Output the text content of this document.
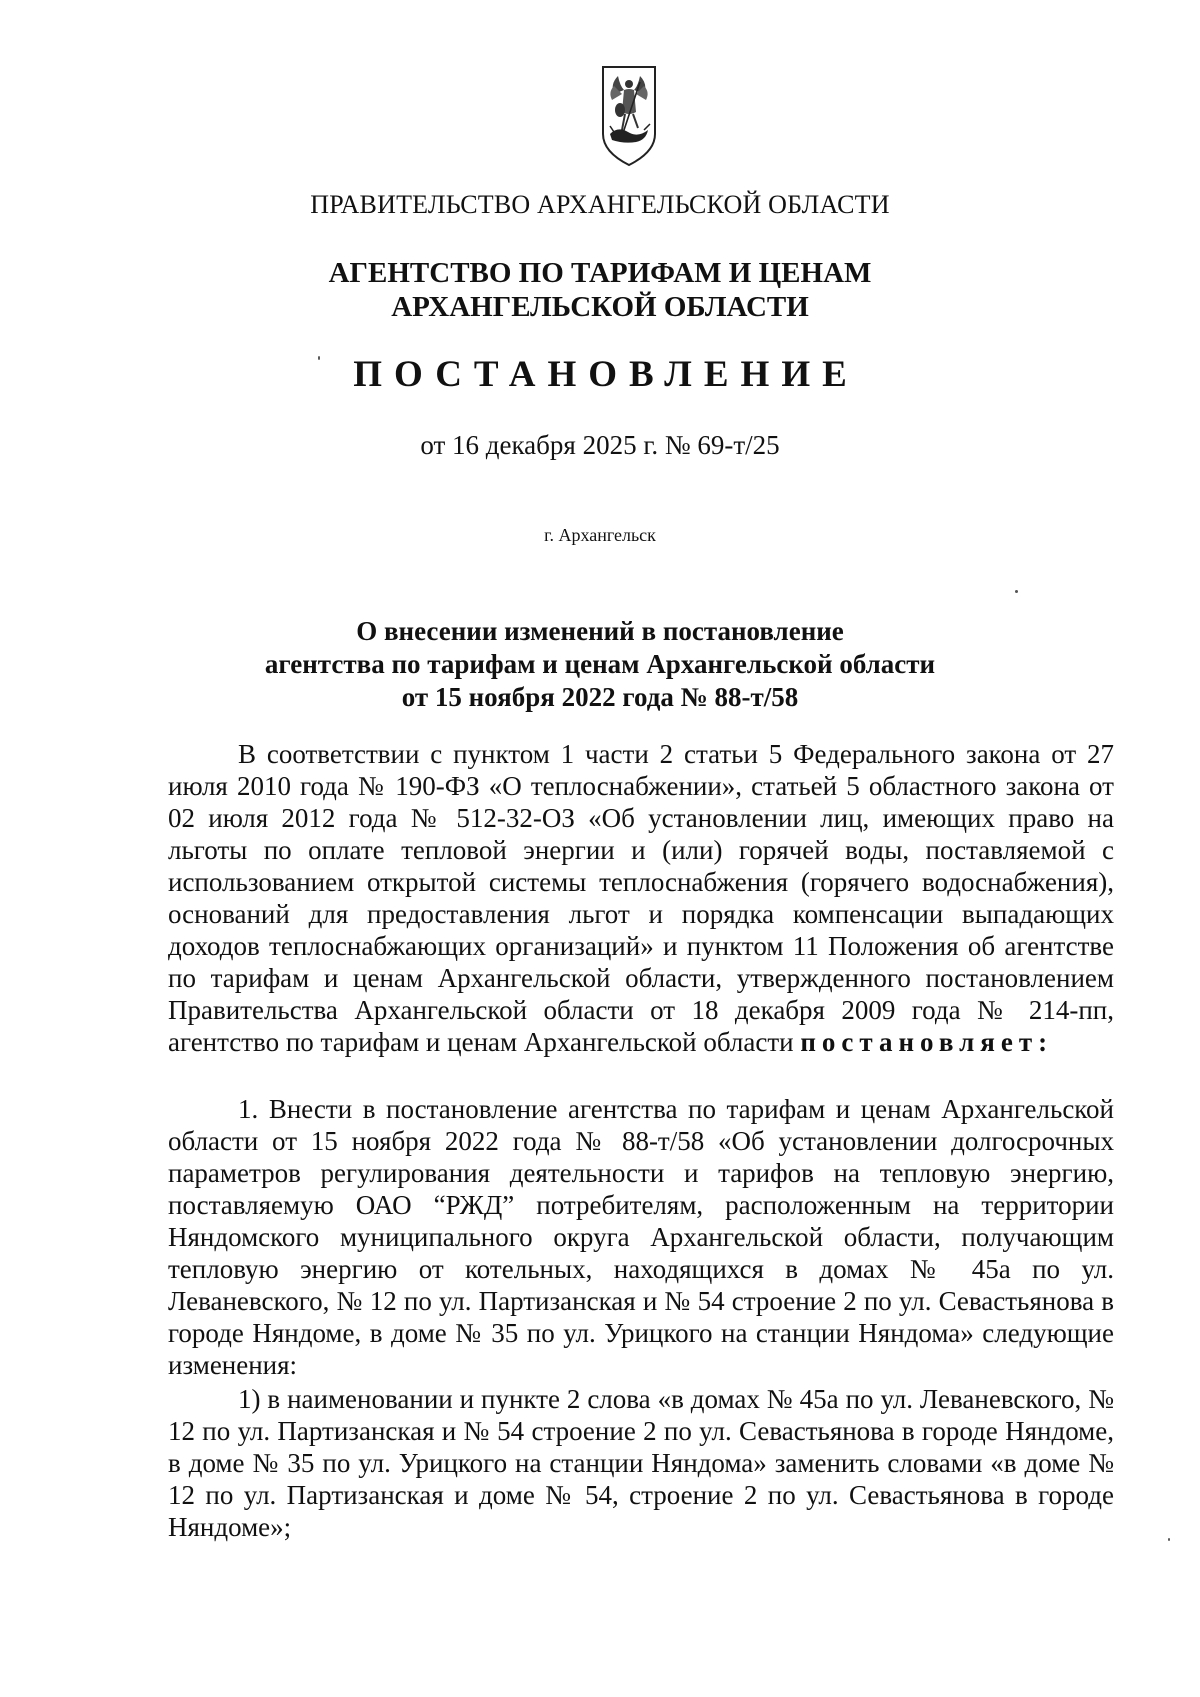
ПРАВИТЕЛЬСТВО АРХАНГЕЛЬСКОЙ ОБЛАСТИ
АГЕНТСТВО ПО ТАРИФАМ И ЦЕНАМ
АРХАНГЕЛЬСКОЙ ОБЛАСТИ
ПОСТАНОВЛЕНИЕ
от 16 декабря 2025 г. № 69-т/25
г. Архангельск
О внесении изменений в постановление
агентства по тарифам и ценам Архангельской области
от 15 ноября 2022 года № 88-т/58

В соответствии с пунктом 1 части 2 статьи 5 Федерального закона от 27 июля 2010 года № 190-ФЗ «О теплоснабжении», статьей 5 областного закона от 02 июля 2012 года № 512-32-ОЗ «Об установлении лиц, имеющих право на льготы по оплате тепловой энергии и (или) горячей воды, поставляемой с использованием открытой системы теплоснабжения (горячего водоснабжения), оснований для предоставления льгот и порядка компенсации выпадающих доходов теплоснабжающих организаций» и пунктом 11 Положения об агентстве по тарифам и ценам Архангельской области, утвержденного постановлением Правительства Архангельской области от 18 декабря 2009 года № 214-пп, агентство по тарифам и ценам Архангельской области постановляет:

1. Внести в постановление агентства по тарифам и ценам Архангельской области от 15 ноября 2022 года № 88-т/58 «Об установлении долгосрочных параметров регулирования деятельности и тарифов на тепловую энергию, поставляемую ОАО “РЖД” потребителям, расположенным на территории Няндомского муниципального округа Архангельской области, получающим тепловую энергию от котельных, находящихся в домах № 45а по ул. Леваневского, № 12 по ул. Партизанская и № 54 строение 2 по ул. Севастьянова в городе Няндоме, в доме № 35 по ул. Урицкого на станции Няндома» следующие изменения:

1) в наименовании и пункте 2 слова «в домах № 45а по ул. Леваневского, № 12 по ул. Партизанская и № 54 строение 2 по ул. Севастьянова в городе Няндоме, в доме № 35 по ул. Урицкого на станции Няндома» заменить словами «в доме № 12 по ул. Партизанская и доме № 54, строение 2 по ул. Севастьянова в городе Няндоме»;
